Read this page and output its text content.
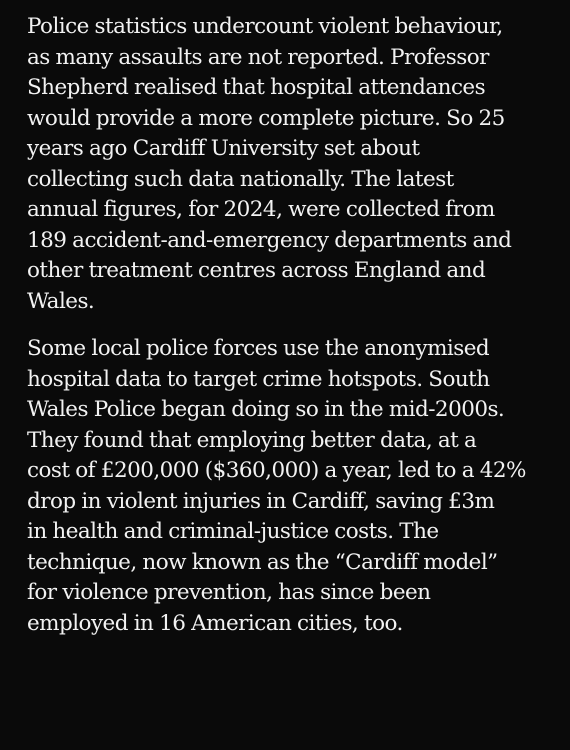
Police statistics undercount violent behaviour,
as many assaults are not reported. Professor
Shepherd realised that hospital attendances
would provide a more complete picture. So 25
years ago Cardiff University set about
collecting such data nationally. The latest
annual figures, for 2024, were collected from
189 accident-and-emergency departments and
other treatment centres across England and
Wales.

Some local police forces use the anonymised
hospital data to target crime hotspots. South
Wales Police began doing so in the mid-2000s.
They found that employing better data, at a
cost of £200,000 ($360,000) a year, led to a 42%
drop in violent injuries in Cardiff, saving £3m
in health and criminal-justice costs. The
technique, now known as the “Cardiff model”
for violence prevention, has since been
employed in 16 American cities, too.
